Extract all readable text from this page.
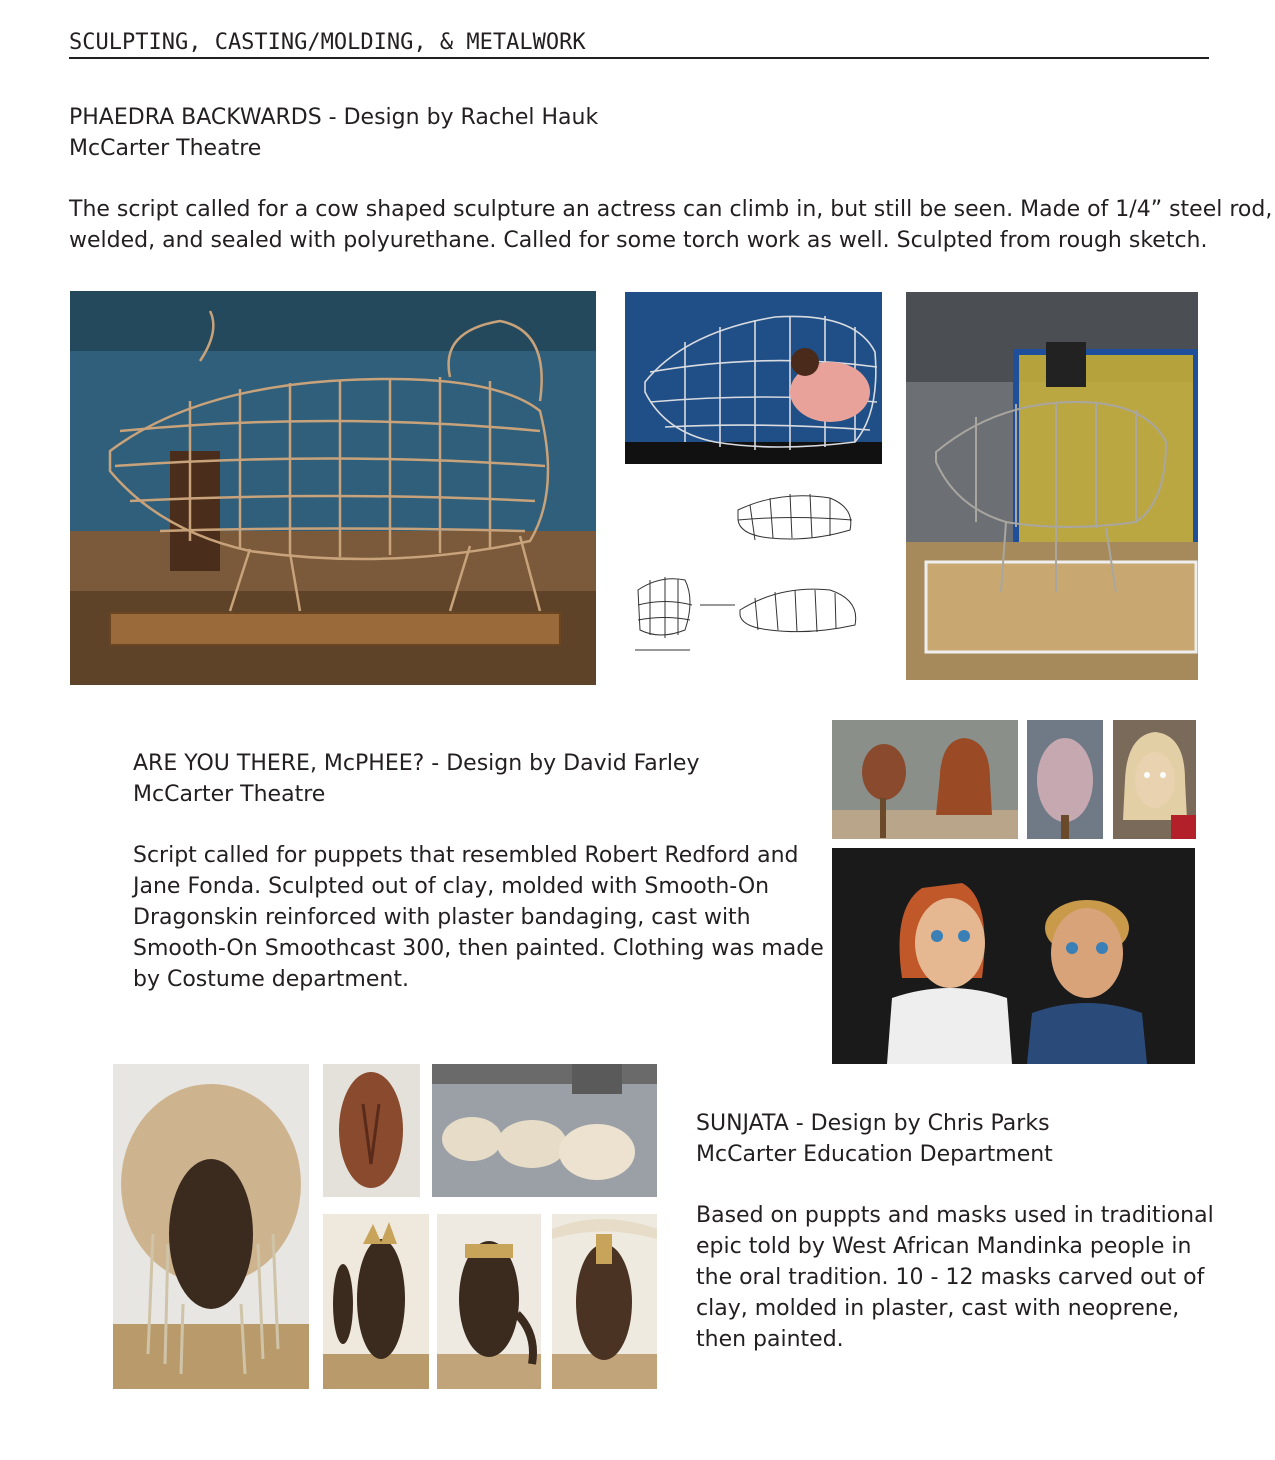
SCULPTING, CASTING/MOLDING, & METALWORK
PHAEDRA BACKWARDS - Design by Rachel Hauk
McCarter Theatre
The script called for a cow shaped sculpture an actress can climb in, but still be seen. Made of 1/4” steel rod,
welded, and sealed with polyurethane. Called for some torch work as well. Sculpted from rough sketch.
ARE YOU THERE, McPHEE? - Design by David Farley
McCarter Theatre
Script called for puppets that resembled Robert Redford and
Jane Fonda. Sculpted out of clay, molded with Smooth-On
Dragonskin reinforced with plaster bandaging, cast with
Smooth-On Smoothcast 300, then painted. Clothing was made
by Costume department.
SUNJATA - Design by Chris Parks
McCarter Education Department
Based on puppts and masks used in traditional
epic told by West African Mandinka people in
the oral tradition. 10 - 12 masks carved out of
clay, molded in plaster, cast with neoprene,
then painted.
